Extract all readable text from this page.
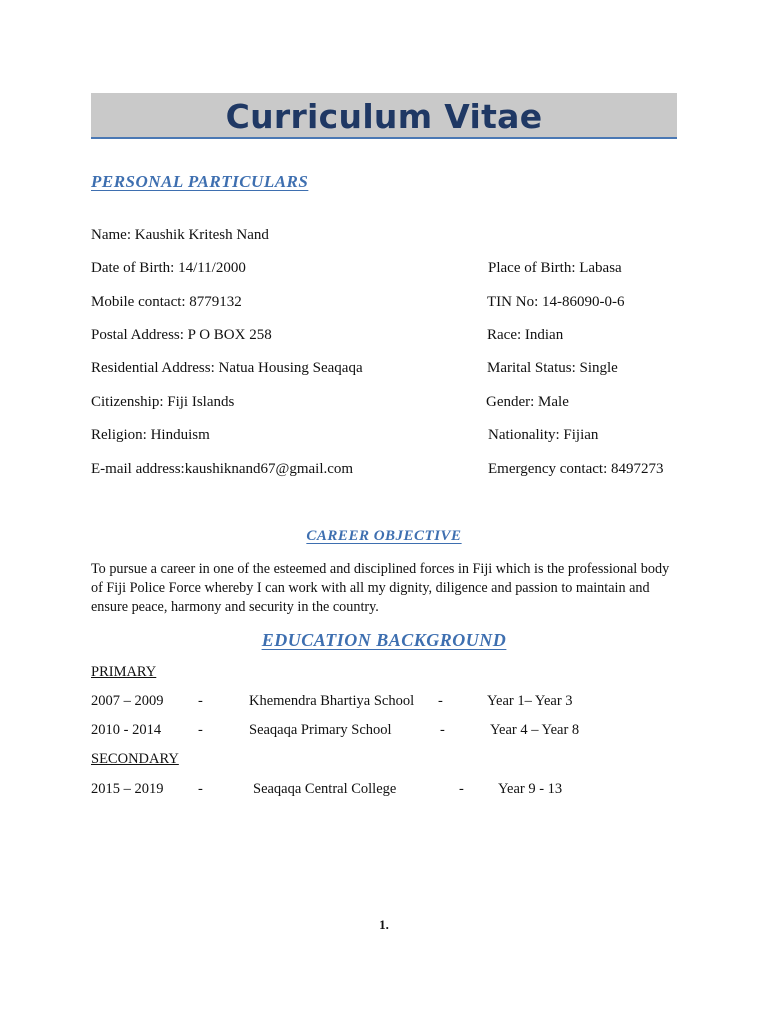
Curriculum Vitae
PERSONAL PARTICULARS
Name: Kaushik Kritesh Nand
Date of Birth: 14/11/2000	Place of Birth: Labasa
Mobile contact: 8779132	TIN No: 14-86090-0-6
Postal Address: P O BOX 258	Race: Indian
Residential Address: Natua Housing Seaqaqa	Marital Status: Single
Citizenship: Fiji Islands	Gender: Male
Religion: Hinduism	Nationality: Fijian
E-mail address:kaushiknand67@gmail.com	Emergency contact: 8497273
CAREER OBJECTIVE
To pursue a career in one of the esteemed and disciplined forces in Fiji which is the professional body of Fiji Police Force whereby I can work with all my dignity, diligence and passion to maintain and ensure peace, harmony and security in the country.
EDUCATION BACKGROUND
PRIMARY
2007 – 2009 -	Khemendra Bhartiya School -	Year 1– Year 3
2010 - 2014	-	Seaqaqa Primary School	-	Year 4 – Year 8
SECONDARY
2015 – 2019 -	Seaqaqa Central College	- Year 9 - 13
1.
